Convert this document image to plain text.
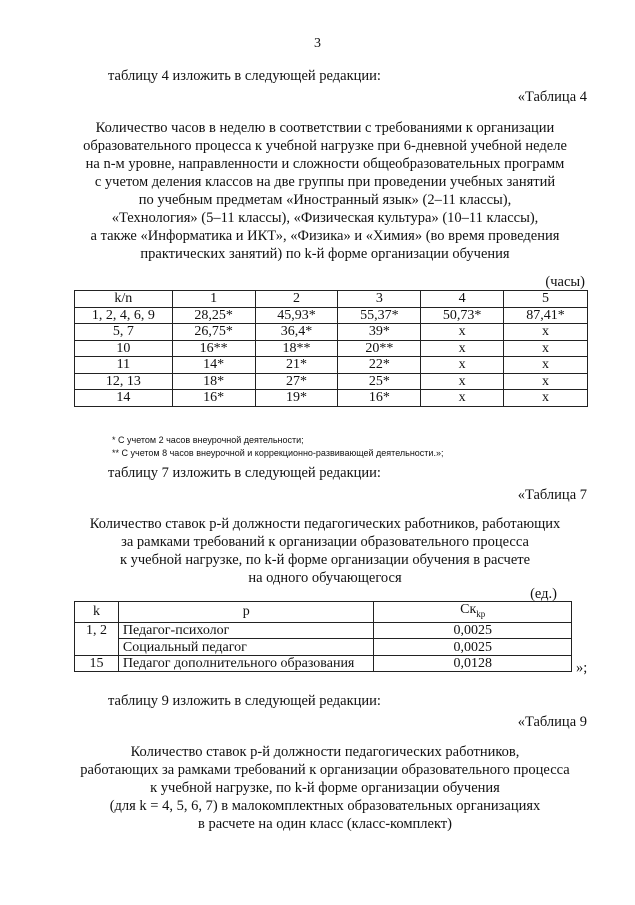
3
таблицу 4 изложить в следующей редакции:
«Таблица 4
Количество часов в неделю в соответствии с требованиями к организации
образовательного процесса к учебной нагрузке при 6-дневной учебной неделе
на n-м уровне, направленности и сложности общеобразовательных программ
с учетом деления классов на две группы при проведении учебных занятий
по учебным предметам «Иностранный язык» (2–11 классы),
«Технология» (5–11 классы), «Физическая культура» (10–11 классы),
а также «Информатика и ИКТ», «Физика» и «Химия» (во время проведения
практических занятий) по k-й форме организации обучения
(часы)
k/n	1	2	3	4	5
1, 2, 4, 6, 9	28,25*	45,93*	55,37*	50,73*	87,41*
5, 7	26,75*	36,4*	39*	x	x
10	16**	18**	20**	x	x
11	14*	21*	22*	x	x
12, 13	18*	27*	25*	x	x
14	16*	19*	16*	x	x
* С учетом 2 часов внеурочной деятельности;
** С учетом 8 часов внеурочной и коррекционно-развивающей деятельности.»;
таблицу 7 изложить в следующей редакции:
«Таблица 7
Количество ставок p-й должности педагогических работников, работающих
за рамками требований к организации образовательного процесса
к учебной нагрузке, по k-й форме организации обучения в расчете
на одного обучающегося
(ед.)
k	p	$Ск_{kp}$
1, 2	Педагог-психолог	0,0025
	Социальный педагог	0,0025
15	Педагог дополнительного образования	0,0128	»;
таблицу 9 изложить в следующей редакции:
«Таблица 9
Количество ставок p-й должности педагогических работников,
работающих за рамками требований к организации образовательного процесса
к учебной нагрузке, по k-й форме организации обучения
(для k = 4, 5, 6, 7) в малокомплектных образовательных организациях
в расчете на один класс (класс-комплект)
